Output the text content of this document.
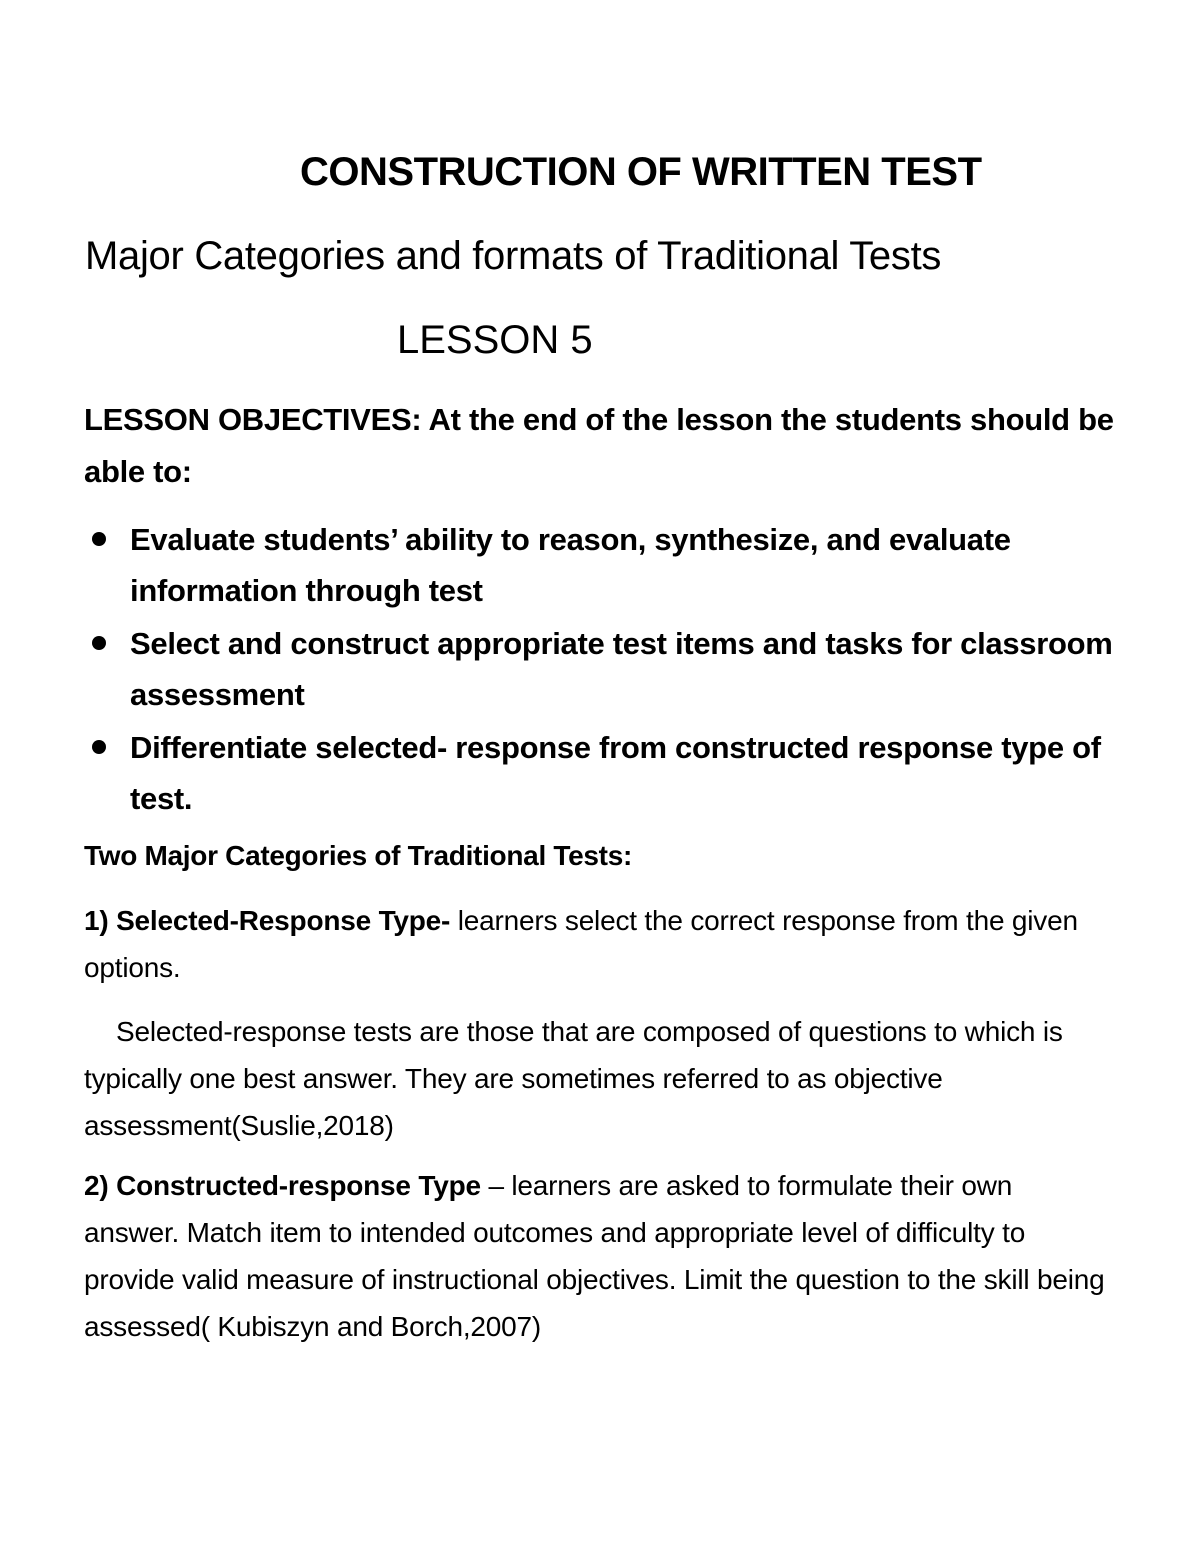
CONSTRUCTION OF WRITTEN TEST
Major Categories and formats of Traditional Tests
LESSON 5
LESSON OBJECTIVES: At the end of the lesson the students should be able to:
Evaluate students’ ability to reason, synthesize, and evaluate information through test
Select and construct appropriate test items and tasks for classroom assessment
Differentiate selected- response from constructed response type of test.
Two Major Categories of Traditional Tests:
1) Selected-Response Type- learners select the correct response from the given options.
Selected-response tests are those that are composed of questions to which is typically one best answer. They are sometimes referred to as objective assessment(Suslie,2018)
2) Constructed-response Type – learners are asked to formulate their own answer. Match item to intended outcomes and appropriate level of difficulty to provide valid measure of instructional objectives. Limit the question to the skill being assessed( Kubiszyn and Borch,2007)
